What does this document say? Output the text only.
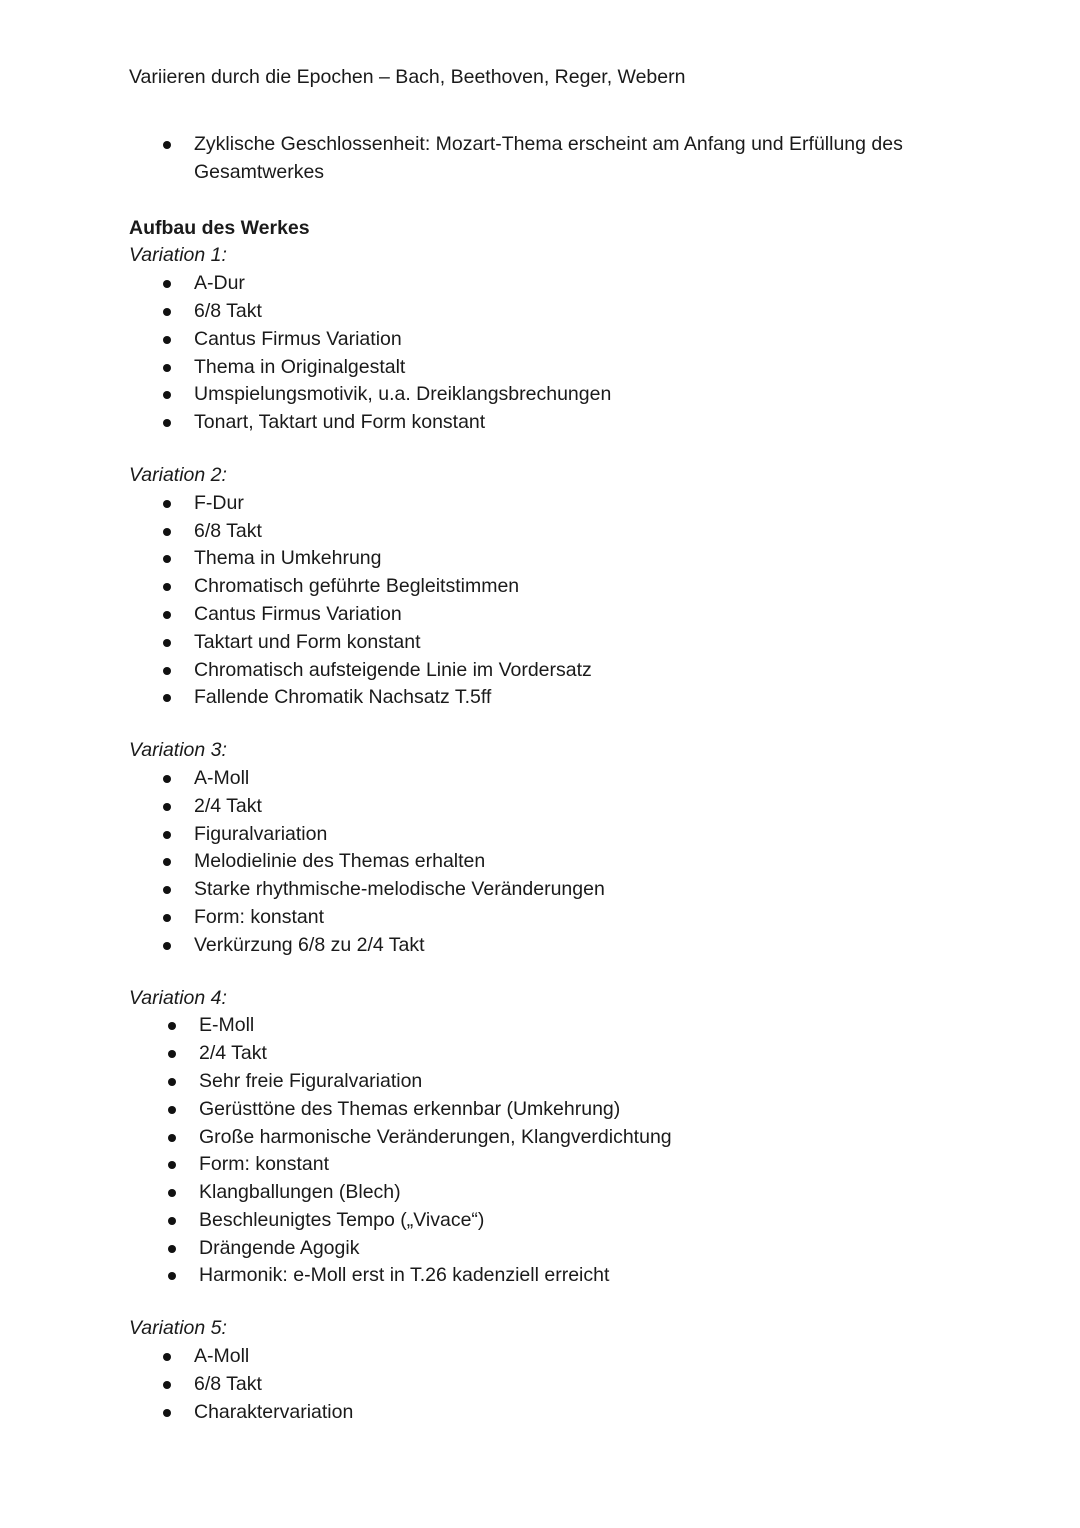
Variieren durch die Epochen – Bach, Beethoven, Reger, Webern
Zyklische Geschlossenheit: Mozart-Thema erscheint am Anfang und Erfüllung des Gesamtwerkes
Aufbau des Werkes
Variation 1:
A-Dur
6/8 Takt
Cantus Firmus Variation
Thema in Originalgestalt
Umspielungsmotivik, u.a. Dreiklangsbrechungen
Tonart, Taktart und Form konstant
Variation 2:
F-Dur
6/8 Takt
Thema in Umkehrung
Chromatisch geführte Begleitstimmen
Cantus Firmus Variation
Taktart und Form konstant
Chromatisch aufsteigende Linie im Vordersatz
Fallende Chromatik Nachsatz T.5ff
Variation 3:
A-Moll
2/4 Takt
Figuralvariation
Melodielinie des Themas erhalten
Starke rhythmische-melodische Veränderungen
Form: konstant
Verkürzung 6/8 zu 2/4 Takt
Variation 4:
E-Moll
2/4 Takt
Sehr freie Figuralvariation
Gerüsttöne des Themas erkennbar (Umkehrung)
Große harmonische Veränderungen, Klangverdichtung
Form: konstant
Klangballungen (Blech)
Beschleunigtes Tempo („Vivace“)
Drängende Agogik
Harmonik: e-Moll erst in T.26 kadenziell erreicht
Variation 5:
A-Moll
6/8 Takt
Charaktervariation
